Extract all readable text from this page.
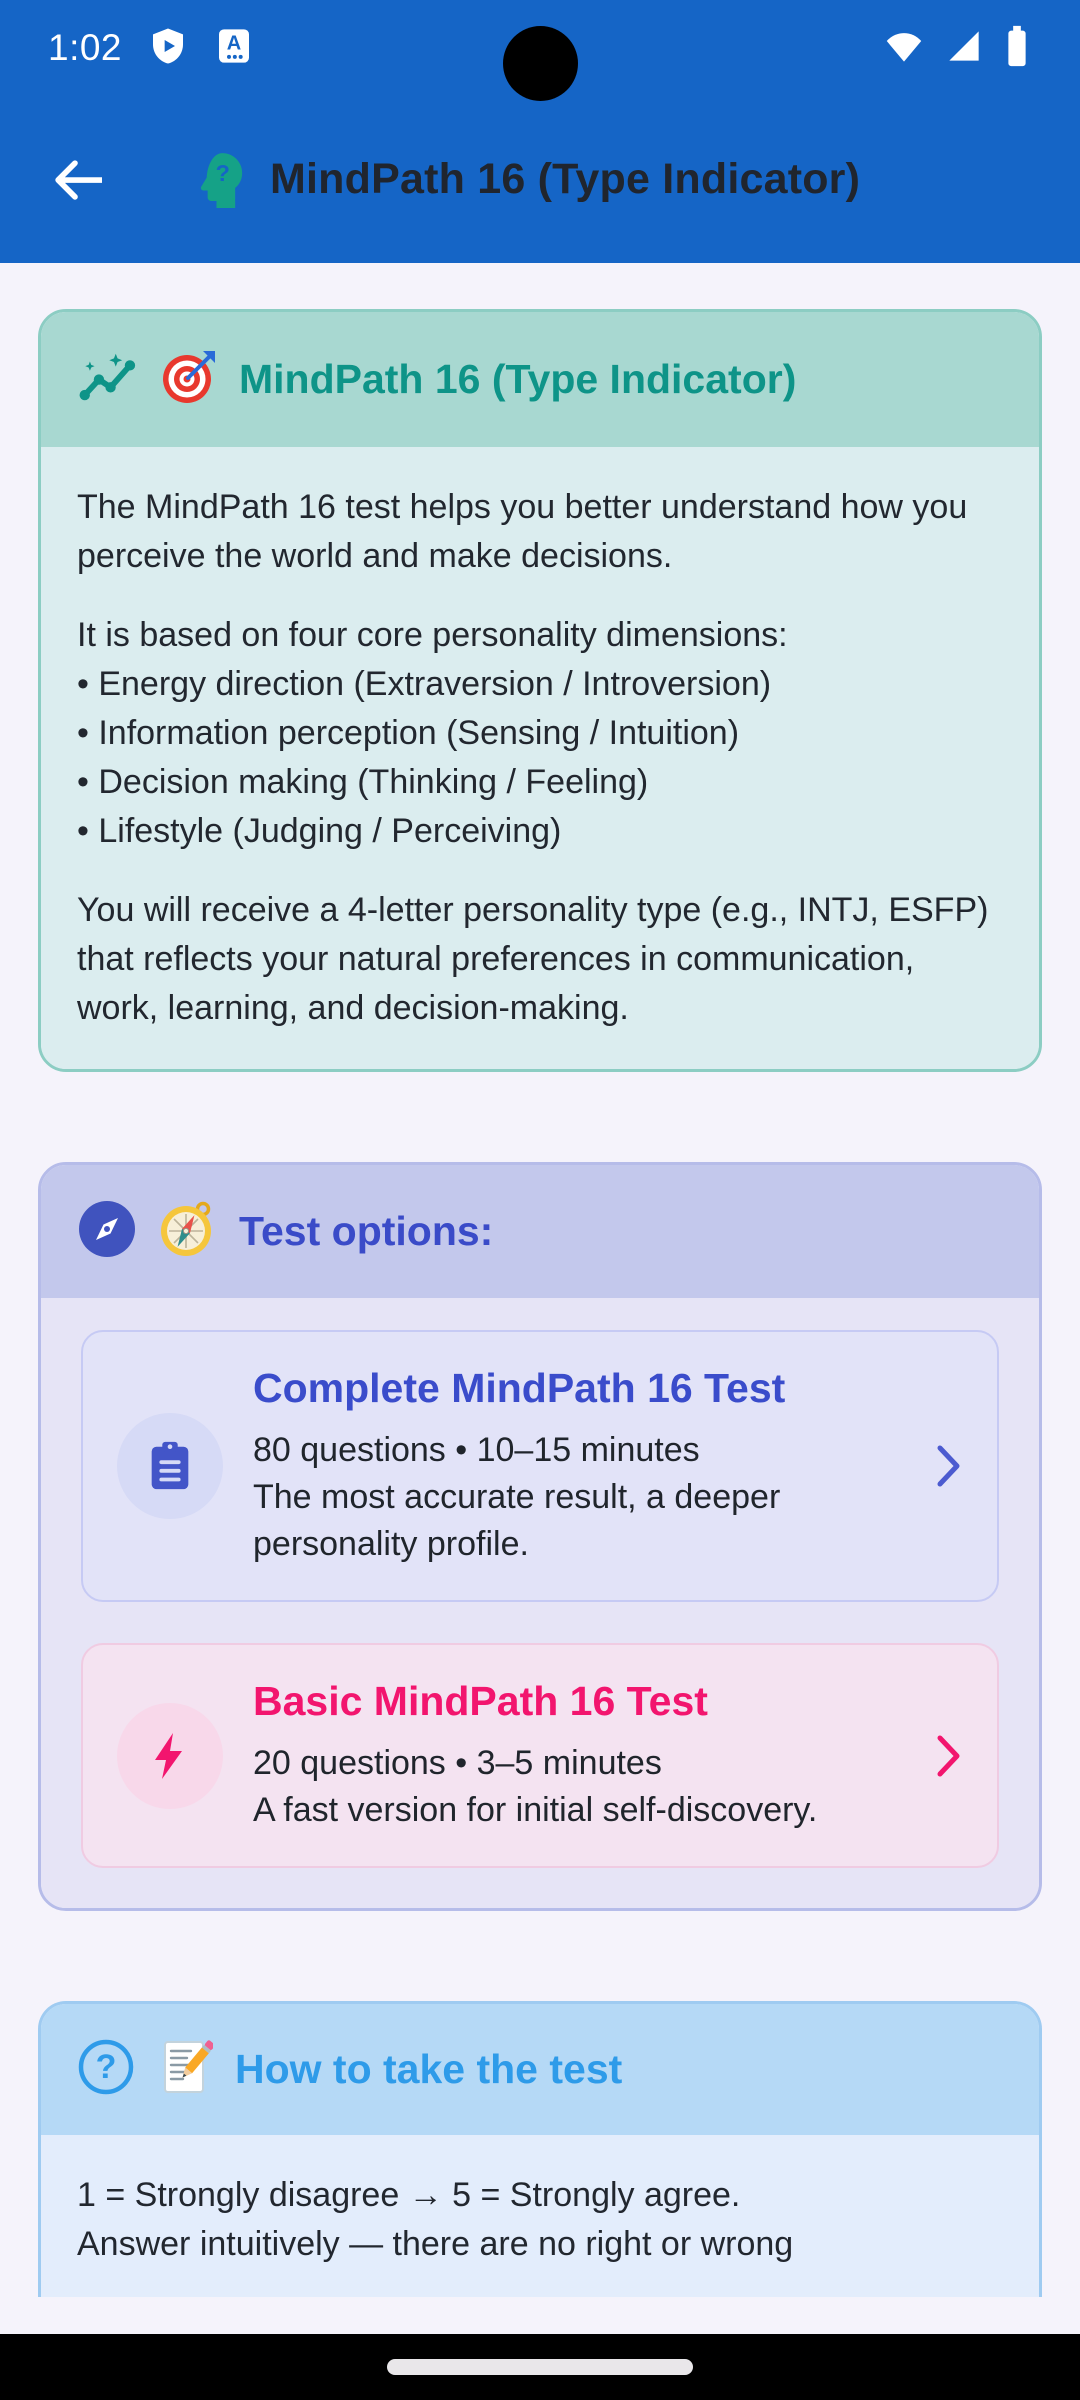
1:02	A
? MindPath 16 (Type Indicator)
MindPath 16 (Type Indicator)

The MindPath 16 test helps you better understand how you perceive the world and make decisions.

It is based on four core personality dimensions:
• Energy direction (Extraversion / Introversion)
• Information perception (Sensing / Intuition)
• Decision making (Thinking / Feeling)
• Lifestyle (Judging / Perceiving)

You will receive a 4-letter personality type (e.g., INTJ, ESFP) that reflects your natural preferences in communication, work, learning, and decision-making.

Test options:
Complete MindPath 16 Test

80 questions • 10–15 minutes

The most accurate result, a deeper personality profile.

Basic MindPath 16 Test

20 questions • 3–5 minutes

A fast version for initial self-discovery.

?	How to take the test

1 = Strongly disagree → 5 = Strongly agree.

Answer intuitively — there are no right or wrong
